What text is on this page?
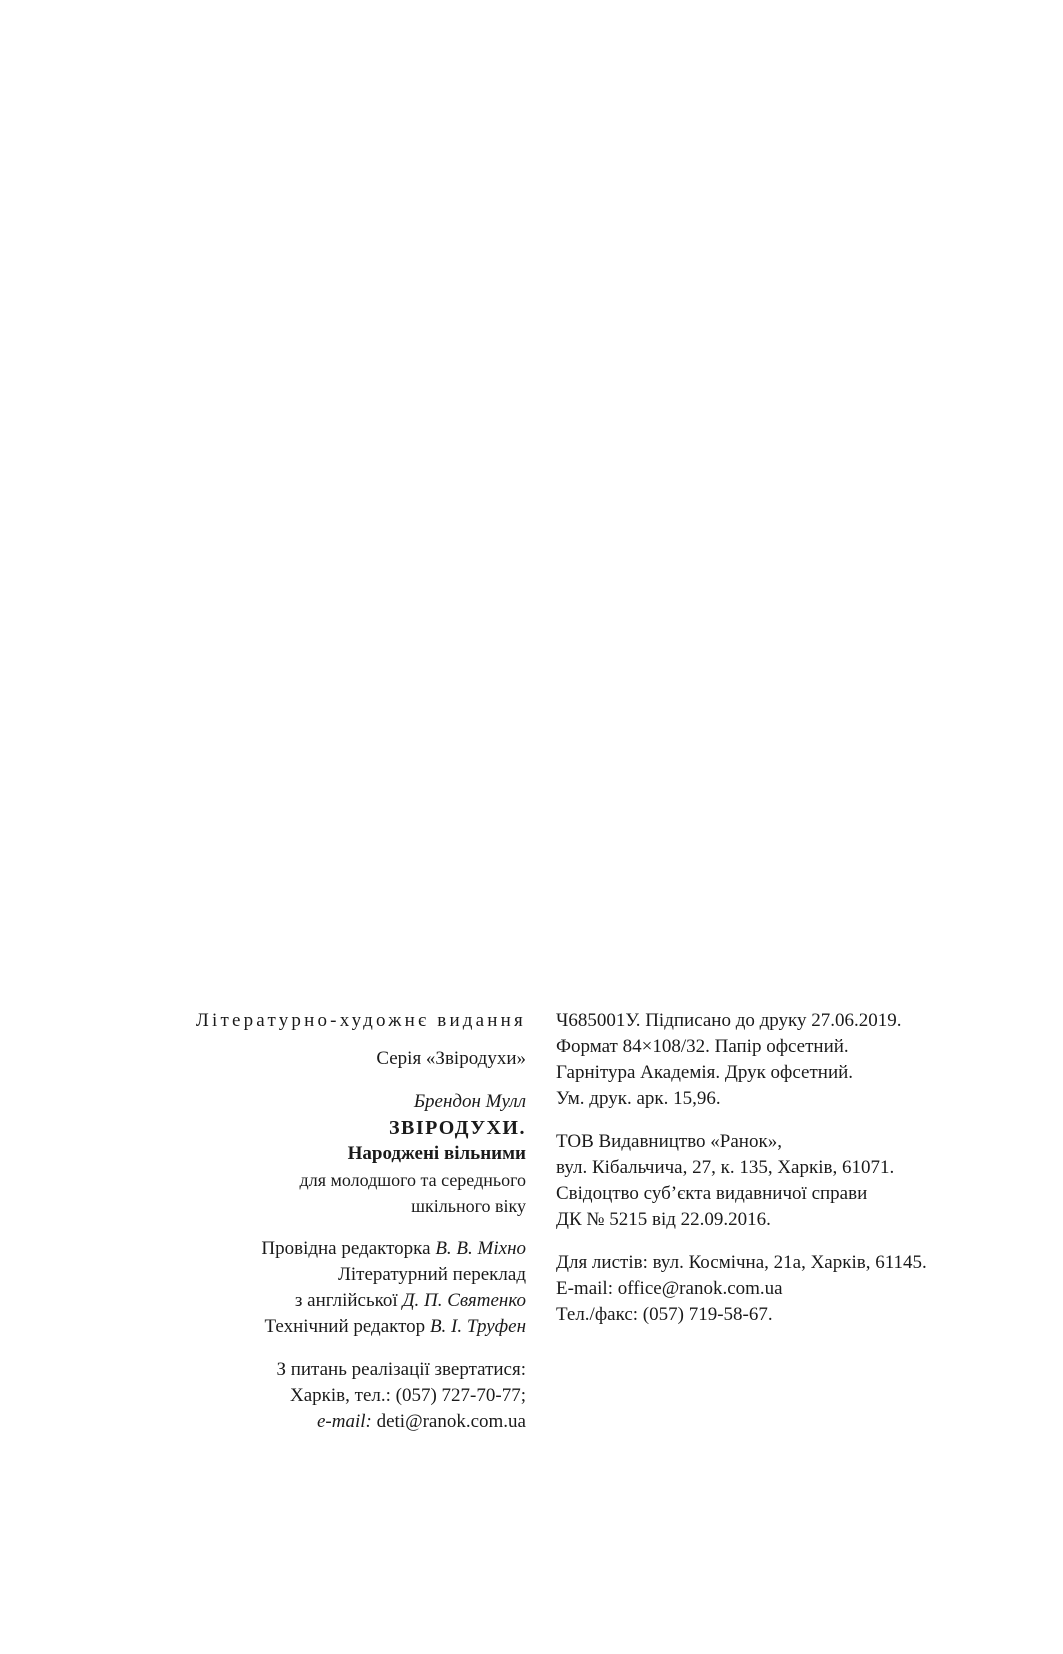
Літературно-художнє видання
Серія «Звіродухи»
Брендон Мулл
ЗВІРОДУХИ.
Народжені вільними
для молодшого та середнього
шкільного віку
Провідна редакторка В. В. Міхно
Літературний переклад
з англійської Д. П. Святенко
Технічний редактор В. І. Труфен
З питань реалізації звертатися:
Харків, тел.: (057) 727-70-77;
e-mail: deti@ranok.com.ua
Ч685001У. Підписано до друку 27.06.2019.
Формат 84×108/32. Папір офсетний.
Гарнітура Академія. Друк офсетний.
Ум. друк. арк. 15,96.
ТОВ Видавництво «Ранок»,
вул. Кібальчича, 27, к. 135, Харків, 61071.
Свідоцтво суб’єкта видавничої справи
ДК № 5215 від 22.09.2016.
Для листів: вул. Космічна, 21а, Харків, 61145.
E-mail: office@ranok.com.ua
Тел./факс: (057) 719-58-67.
